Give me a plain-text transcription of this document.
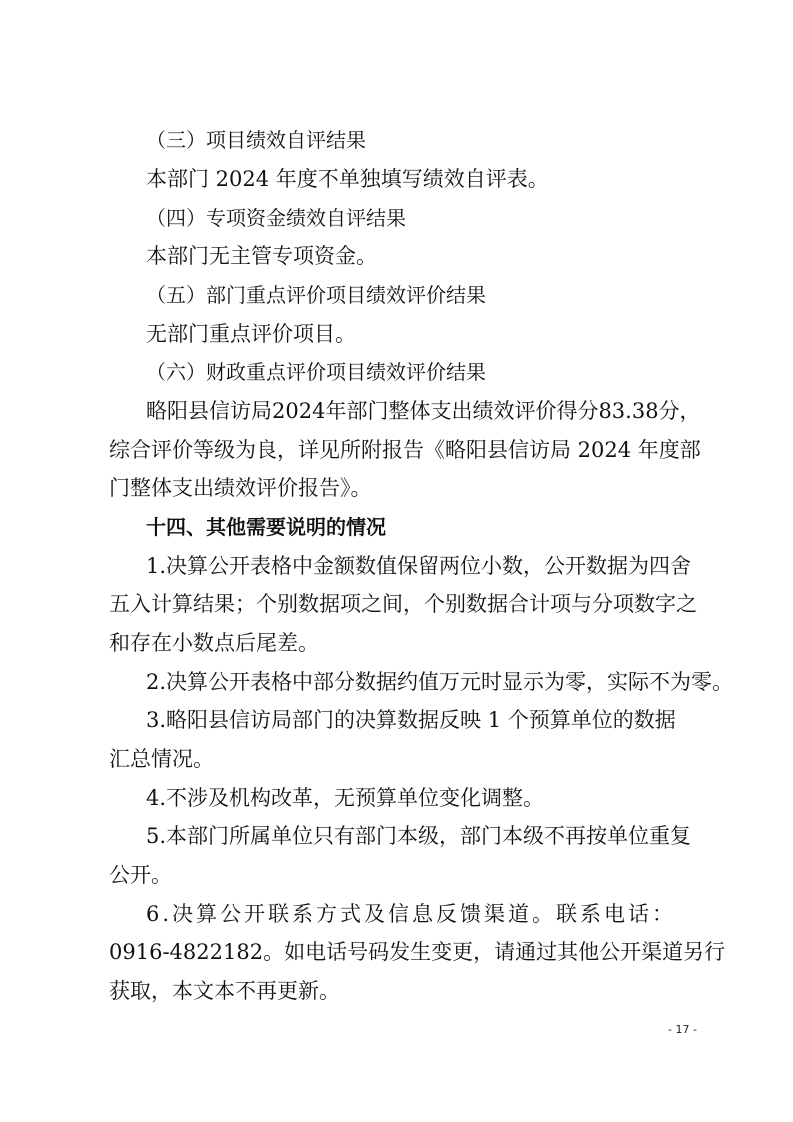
（三）项目绩效自评结果

本部门 2024 年度不单独填写绩效自评表。

（四）专项资金绩效自评结果

本部门无主管专项资金。

（五）部门重点评价项目绩效评价结果

无部门重点评价项目。

（六）财政重点评价项目绩效评价结果

略阳县信访局2024年部门整体支出绩效评价得分83.38分，

综合评价等级为良，详见所附报告《略阳县信访局 2024 年度部

门整体支出绩效评价报告》。

十四、其他需要说明的情况

1.决算公开表格中金额数值保留两位小数，公开数据为四舍

五入计算结果；个别数据项之间，个别数据合计项与分项数字之

和存在小数点后尾差。

2.决算公开表格中部分数据约值万元时显示为零，实际不为零。

3.略阳县信访局部门的决算数据反映 1 个预算单位的数据

汇总情况。

4.不涉及机构改革，无预算单位变化调整。

5.本部门所属单位只有部门本级，部门本级不再按单位重复

公开。

6.决算公开联系方式及信息反馈渠道。联系电话：

0916-4822182。如电话号码发生变更，请通过其他公开渠道另行

获取，本文本不再更新。

- 17 -
